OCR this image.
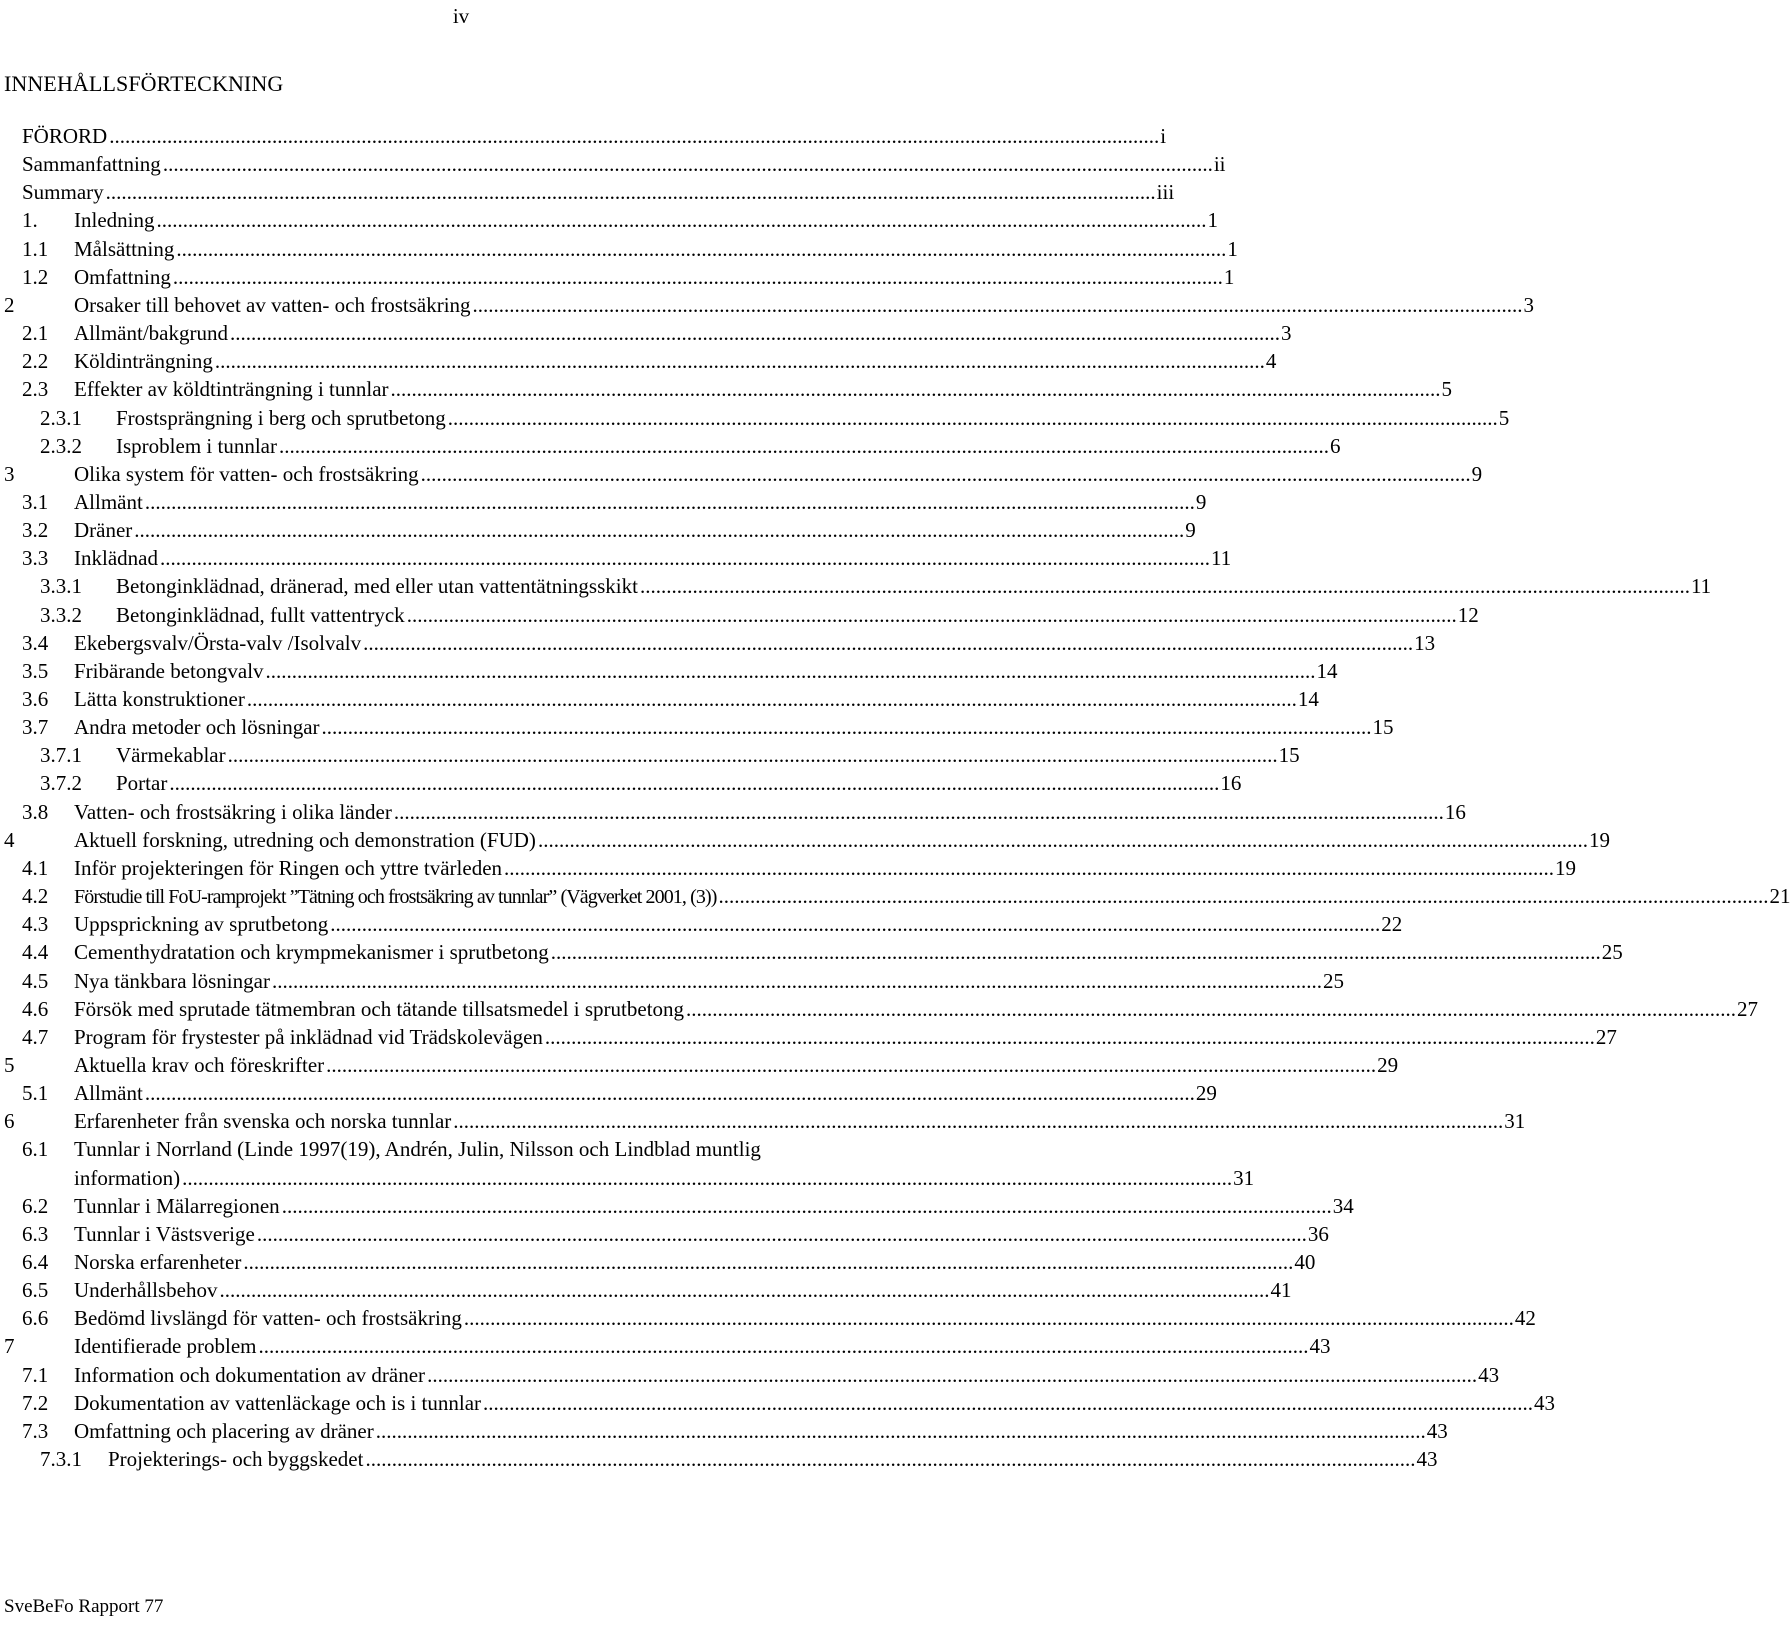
iv
INNEHÅLLSFÖRTECKNING
FÖRORD ........................................................................................................................................................................................................ i
Sammanfattning ........................................................................................................................................................................................................ ii
Summary ........................................................................................................................................................................................................ iii
1. Inledning ........................................................................................................................................................................................................ 1
1.1 Målsättning ........................................................................................................................................................................................................ 1
1.2 Omfattning ........................................................................................................................................................................................................ 1
2	Orsaker till behovet av vatten- och frostsäkring ........................................................................................................................................................................................................ 3
2.1 Allmänt/bakgrund ........................................................................................................................................................................................................ 3
2.2 Köldinträngning ........................................................................................................................................................................................................ 4
2.3 Effekter av köldtinträngning i tunnlar ........................................................................................................................................................................................................ 5
2.3.1 Frostsprängning i berg och sprutbetong ........................................................................................................................................................................................................ 5
2.3.2 Isproblem i tunnlar ........................................................................................................................................................................................................ 6
3	Olika system för vatten- och frostsäkring ........................................................................................................................................................................................................ 9
3.1 Allmänt ........................................................................................................................................................................................................ 9
3.2 Dräner ........................................................................................................................................................................................................ 9
3.3 Inklädnad ........................................................................................................................................................................................................ 11
3.3.1 Betonginklädnad, dränerad, med eller utan vattentätningsskikt ........................................................................................................................................................................................................ 11
3.3.2 Betonginklädnad, fullt vattentryck ........................................................................................................................................................................................................ 12
3.4 Ekebergsvalv/Örsta-valv /Isolvalv ........................................................................................................................................................................................................ 13
3.5 Fribärande betongvalv ........................................................................................................................................................................................................ 14
3.6 Lätta konstruktioner ........................................................................................................................................................................................................ 14
3.7 Andra metoder och lösningar ........................................................................................................................................................................................................ 15
3.7.1 Värmekablar ........................................................................................................................................................................................................ 15
3.7.2 Portar ........................................................................................................................................................................................................ 16
3.8 Vatten- och frostsäkring i olika länder ........................................................................................................................................................................................................ 16
4	Aktuell forskning, utredning och demonstration (FUD) ........................................................................................................................................................................................................ 19
4.1 Inför projekteringen för Ringen och yttre tvärleden ........................................................................................................................................................................................................ 19
4.2 Förstudie till FoU-ramprojekt ”Tätning och frostsäkring av tunnlar” (Vägverket 2001, (3)) ........................................................................................................................................................................................................ 21
4.3 Uppsprickning av sprutbetong ........................................................................................................................................................................................................ 22
4.4 Cementhydratation och krympmekanismer i sprutbetong ........................................................................................................................................................................................................ 25
4.5 Nya tänkbara lösningar ........................................................................................................................................................................................................ 25
4.6 Försök med sprutade tätmembran och tätande tillsatsmedel i sprutbetong ........................................................................................................................................................................................................ 27
4.7 Program för frystester på inklädnad vid Trädskolevägen ........................................................................................................................................................................................................ 27
5	Aktuella krav och föreskrifter ........................................................................................................................................................................................................ 29
5.1 Allmänt ........................................................................................................................................................................................................ 29
6	Erfarenheter från svenska och norska tunnlar ........................................................................................................................................................................................................ 31
6.1 Tunnlar i Norrland (Linde 1997(19), Andrén, Julin, Nilsson och Lindblad muntlig
information) ........................................................................................................................................................................................................ 31
6.2 Tunnlar i Mälarregionen ........................................................................................................................................................................................................ 34
6.3 Tunnlar i Västsverige ........................................................................................................................................................................................................ 36
6.4 Norska erfarenheter ........................................................................................................................................................................................................ 40
6.5 Underhållsbehov ........................................................................................................................................................................................................ 41
6.6 Bedömd livslängd för vatten- och frostsäkring ........................................................................................................................................................................................................ 42
7	Identifierade problem ........................................................................................................................................................................................................ 43
7.1 Information och dokumentation av dräner ........................................................................................................................................................................................................ 43
7.2 Dokumentation av vattenläckage och is i tunnlar ........................................................................................................................................................................................................ 43
7.3 Omfattning och placering av dräner ........................................................................................................................................................................................................ 43
7.3.1 Projekterings- och byggskedet ........................................................................................................................................................................................................ 43
SveBeFo Rapport 77
